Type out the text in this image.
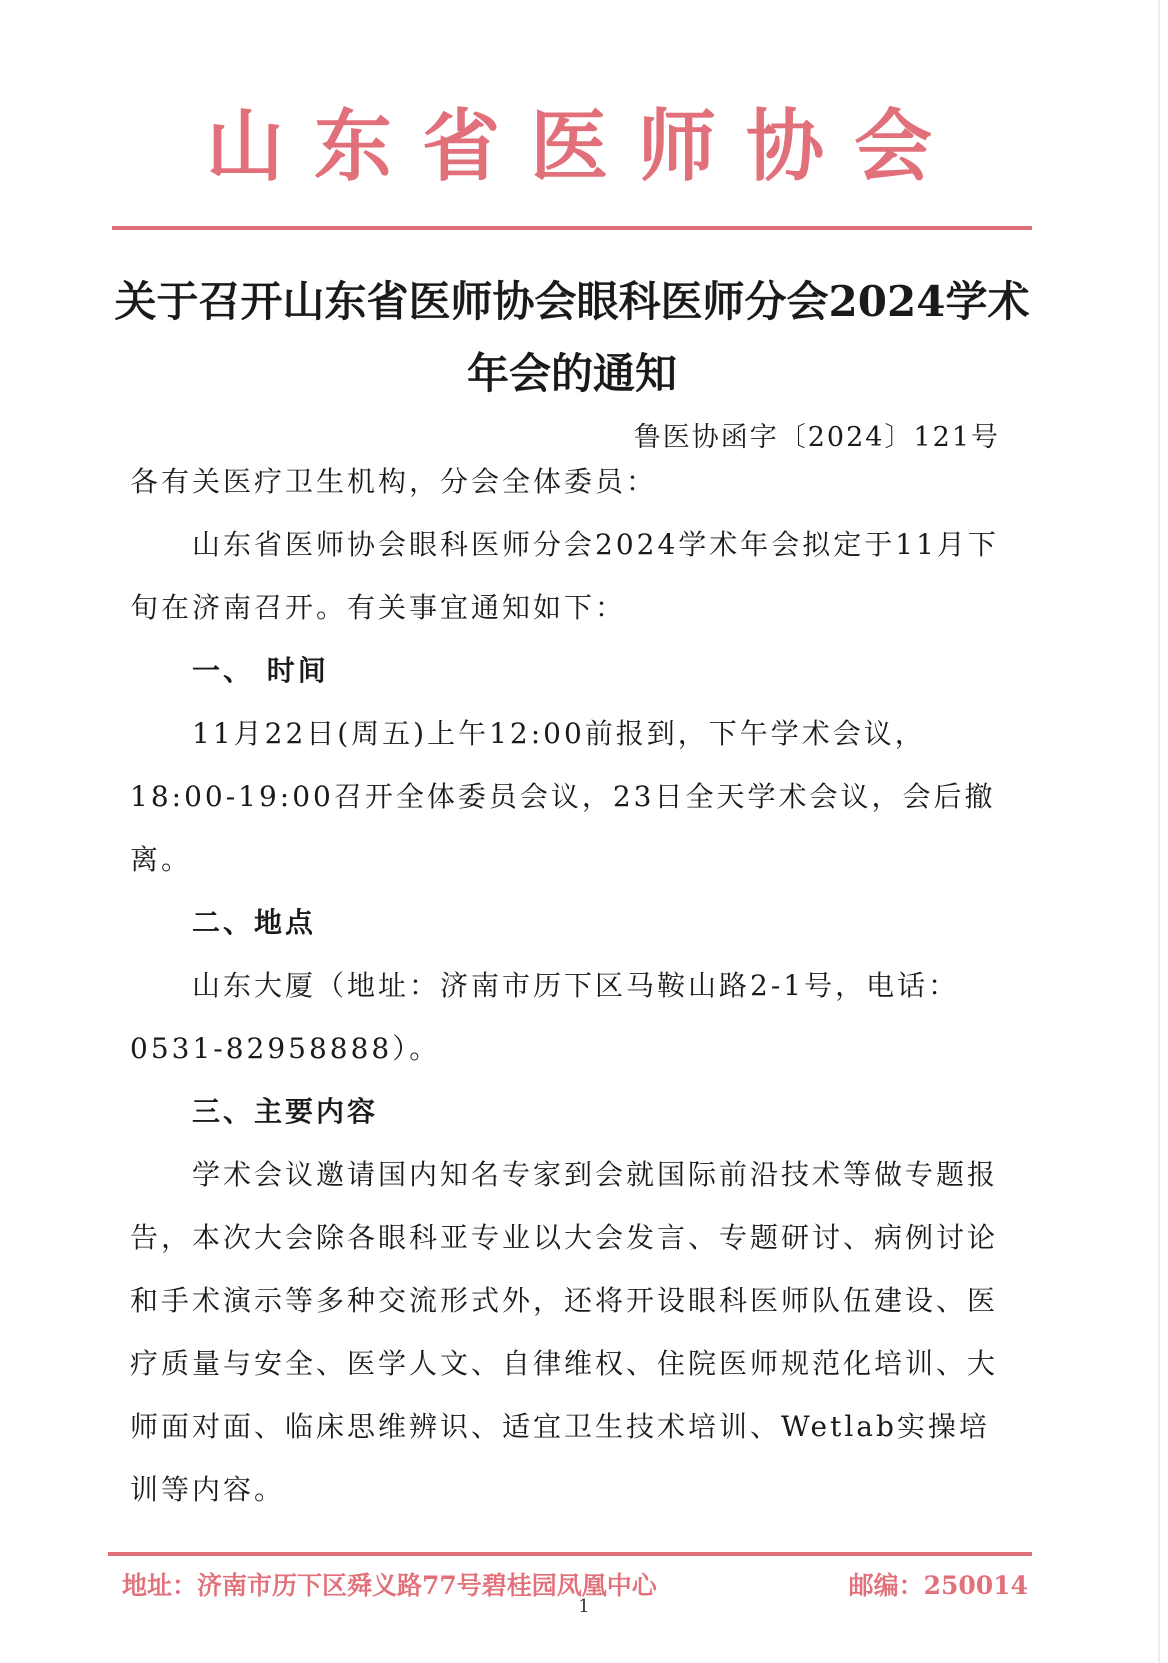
山东省医师协会
关于召开山东省医师协会眼科医师分会2024学术年会的通知
鲁医协函字〔2024〕121号

各有关医疗卫生机构，分会全体委员：

山东省医师协会眼科医师分会2024学术年会拟定于11月下旬在济南召开。有关事宜通知如下：

一、 时间

11月22日(周五)上午12:00前报到，下午学术会议，18:00-19:00召开全体委员会议，23日全天学术会议，会后撤离。

二、地点

山东大厦（地址：济南市历下区马鞍山路2-1号，电话：0531-82958888）。

三、主要内容

学术会议邀请国内知名专家到会就国际前沿技术等做专题报告，本次大会除各眼科亚专业以大会发言、专题研讨、病例讨论和手术演示等多种交流形式外，还将开设眼科医师队伍建设、医疗质量与安全、医学人文、自律维权、住院医师规范化培训、大师面对面、临床思维辨识、适宜卫生技术培训、Wetlab实操培训等内容。

地址：济南市历下区舜义路77号碧桂园凤凰中心	邮编：250014
1
